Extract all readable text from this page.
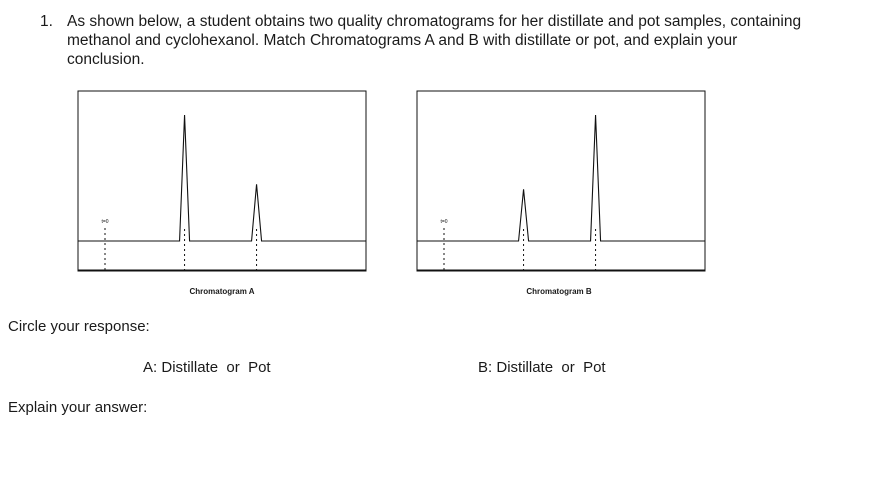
1. As shown below, a student obtains two quality chromatograms for her distillate and pot samples, containing methanol and cyclohexanol. Match Chromatograms A and B with distillate or pot, and explain your conclusion.
t=0
Chromatogram A
t=0
Chromatogram B
Circle your response:
A: Distillate or Pot	B: Distillate or Pot
Explain your answer:
